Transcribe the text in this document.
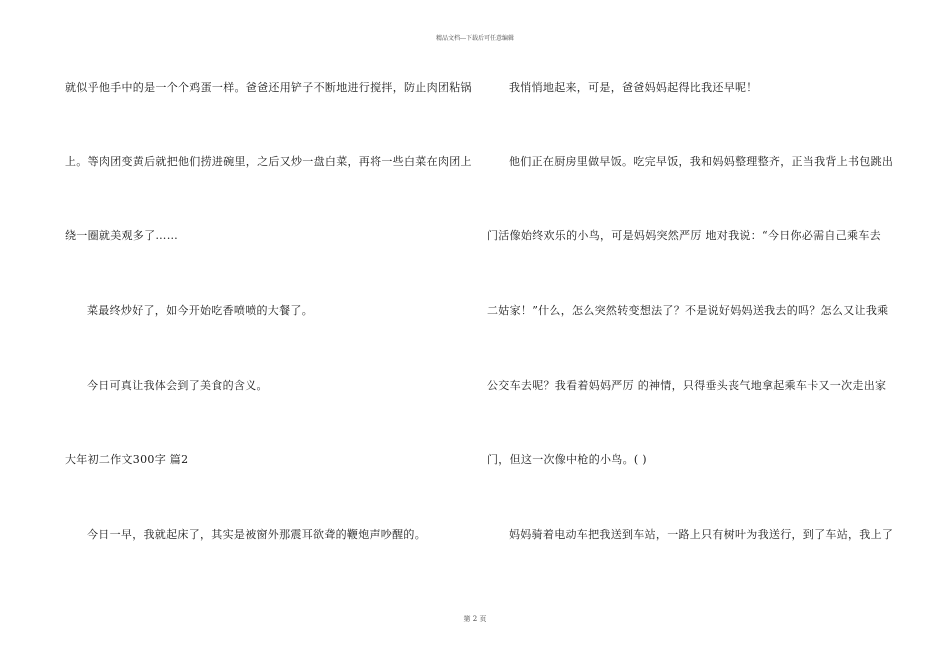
精品文档---下载后可任意编辑
就似乎他手中的是一个个鸡蛋一样。爸爸还用铲子不断地进行搅拌，防止肉团粘锅
上。等肉团变黄后就把他们捞进碗里，之后又炒一盘白菜，再将一些白菜在肉团上
绕一圈就美观多了……
菜最终炒好了，如今开始吃香喷喷的大餐了。
今日可真让我体会到了美食的含义。
大年初二作文300字 篇2
今日一早，我就起床了，其实是被窗外那震耳欲聋的鞭炮声吵醒的。
我悄悄地起来，可是，爸爸妈妈起得比我还早呢！
他们正在厨房里做早饭。吃完早饭，我和妈妈整理整齐，正当我背上书包跳出
门活像始终欢乐的小鸟，可是妈妈突然严厉 地对我说：“今日你必需自己乘车去
二姑家！”什么，怎么突然转变想法了？不是说好妈妈送我去的吗？怎么又让我乘
公交车去呢？我看着妈妈严厉 的神情，只得垂头丧气地拿起乘车卡又一次走出家
门，但这一次像中枪的小鸟。( )
妈妈骑着电动车把我送到车站，一路上只有树叶为我送行，到了车站，我上了
第 2 页
